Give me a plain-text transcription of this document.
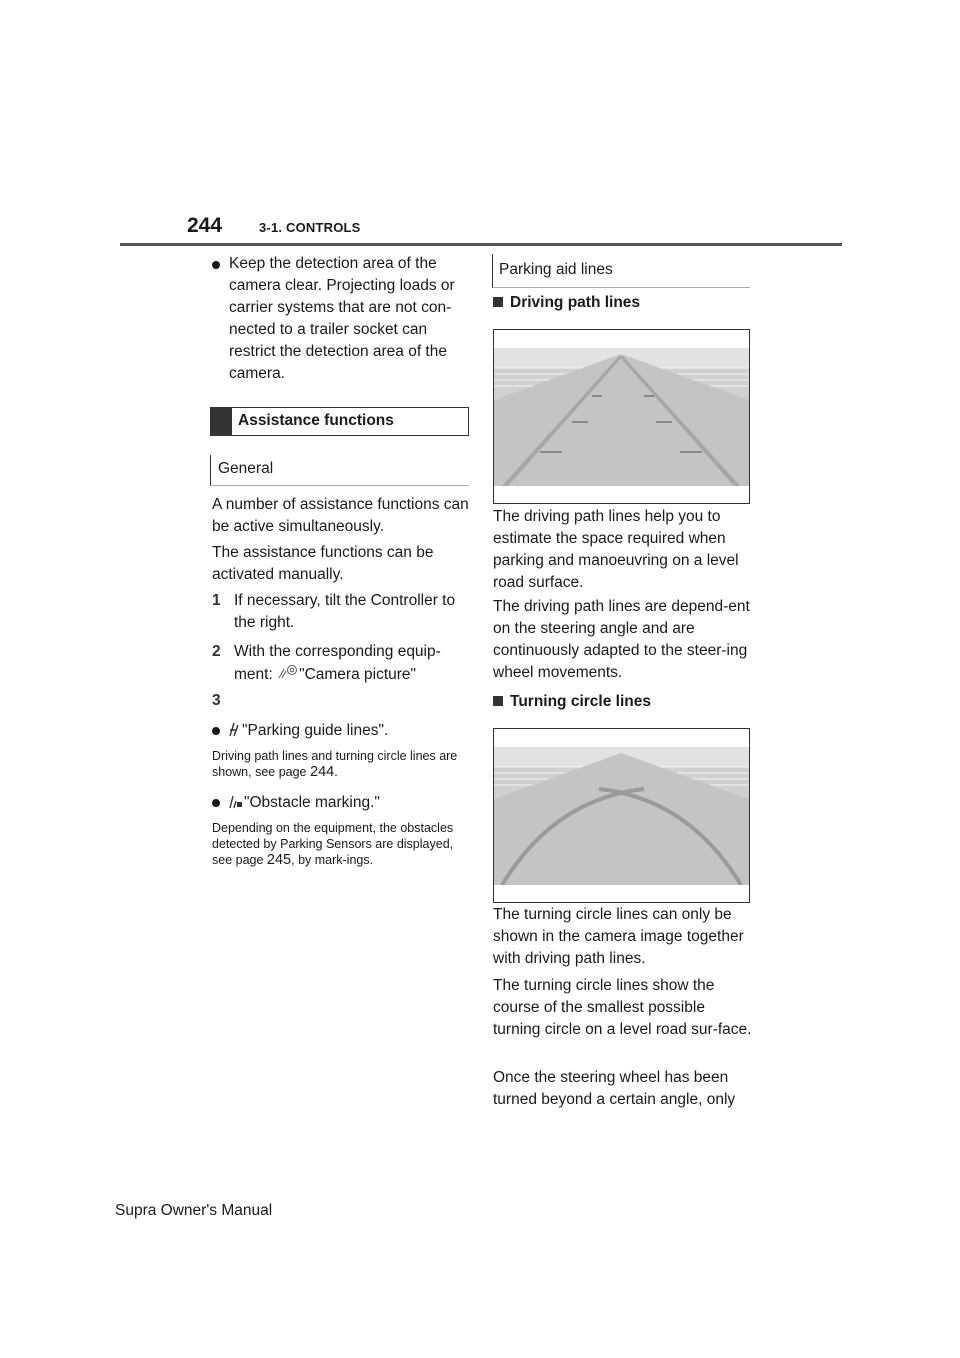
244	3-1. CONTROLS
Keep the detection area of the camera clear. Projecting loads or carrier systems that are not con-nected to a trailer socket can restrict the detection area of the camera.
Assistance functions
General
A number of assistance functions can be active simultaneously.
The assistance functions can be activated manually.
1 If necessary, tilt the Controller to the right.
2 With the corresponding equip-ment: "Camera picture"
3
"Parking guide lines".
Driving path lines and turning circle lines are shown, see page 244.
"Obstacle marking."
Depending on the equipment, the obstacles detected by Parking Sensors are displayed, see page 245, by mark-ings.
Parking aid lines
Driving path lines
The driving path lines help you to estimate the space required when parking and manoeuvring on a level road surface.
The driving path lines are depend-ent on the steering angle and are continuously adapted to the steer-ing wheel movements.
Turning circle lines
The turning circle lines can only be shown in the camera image together with driving path lines.
The turning circle lines show the course of the smallest possible turning circle on a level road sur-face.
Once the steering wheel has been turned beyond a certain angle, only
Supra Owner's Manual
